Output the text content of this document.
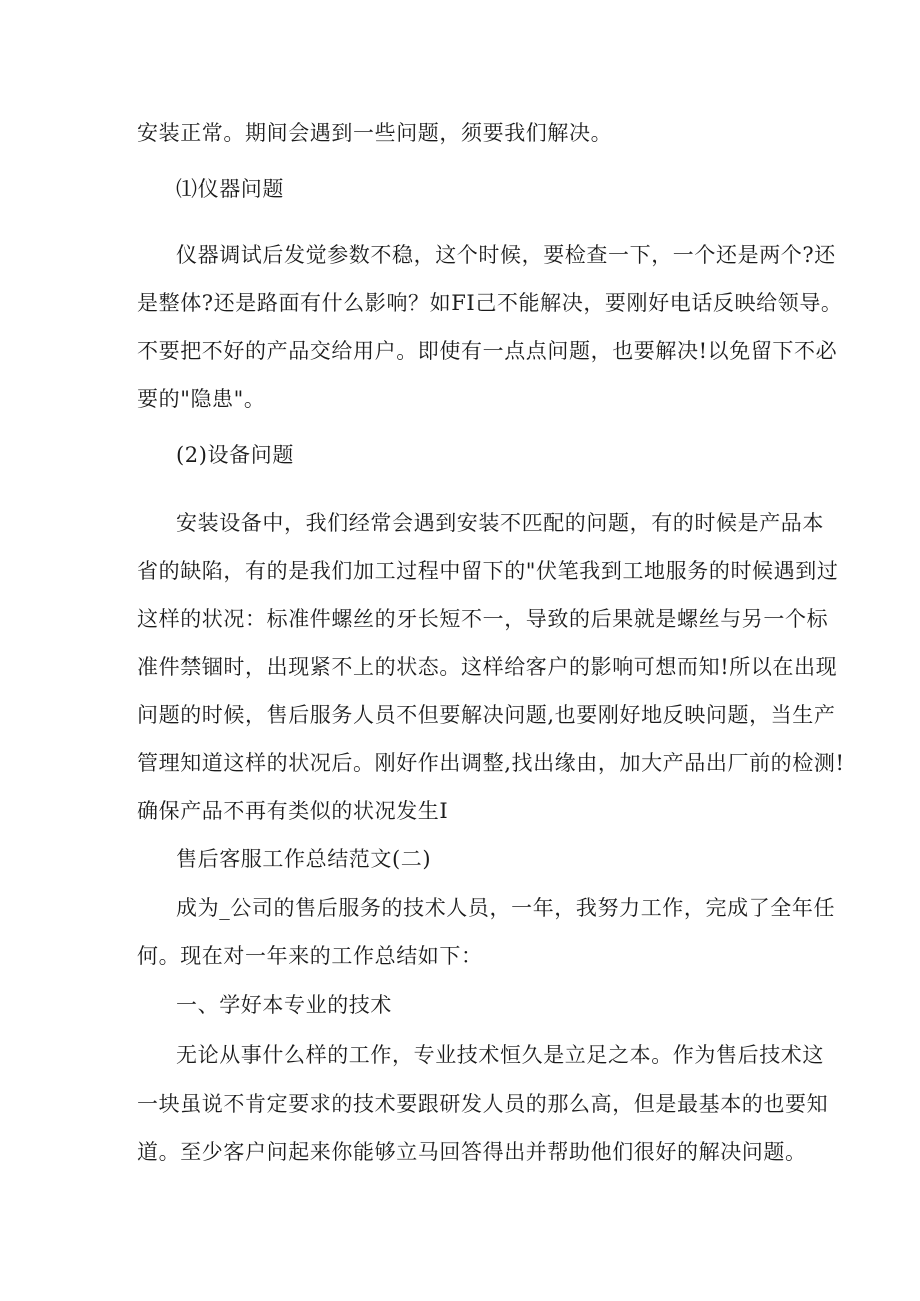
安装正常。期间会遇到一些问题，须要我们解决。
⑴仪器问题
仪器调试后发觉参数不稳，这个时候，要检查一下，一个还是两个?还
是整体?还是路面有什么影响？如FI己不能解决，要刚好电话反映给领导。
不要把不好的产品交给用户。即使有一点点问题，也要解决!以免留下不必
要的"隐患"。
(2)设备问题
安装设备中，我们经常会遇到安装不匹配的问题，有的时候是产品本
省的缺陷，有的是我们加工过程中留下的"伏笔我到工地服务的时候遇到过
这样的状况：标准件螺丝的牙长短不一，导致的后果就是螺丝与另一个标
准件禁锢时，出现紧不上的状态。这样给客户的影响可想而知!所以在出现
问题的时候，售后服务人员不但要解决问题,也要刚好地反映问题，当生产
管理知道这样的状况后。刚好作出调整,找出缘由，加大产品出厂前的检测!
确保产品不再有类似的状况发生I
售后客服工作总结范文(二)
成为_公司的售后服务的技术人员，一年，我努力工作，完成了全年任
何。现在对一年来的工作总结如下：
一、学好本专业的技术
无论从事什么样的工作，专业技术恒久是立足之本。作为售后技术这
一块虽说不肯定要求的技术要跟研发人员的那么高，但是最基本的也要知
道。至少客户问起来你能够立马回答得出并帮助他们很好的解决问题。
